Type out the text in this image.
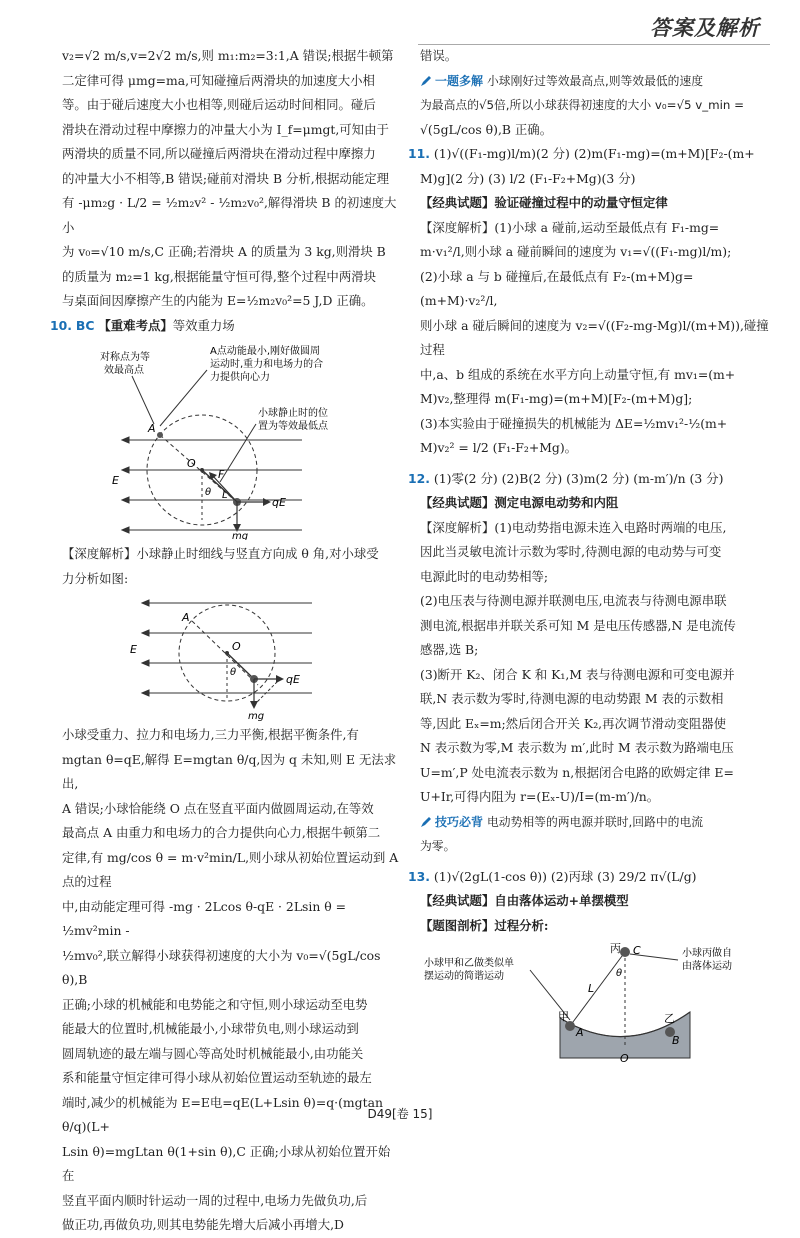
答案及解析

v₂=√2 m/s,v=2√2 m/s,则 m₁:m₂=3:1,A 错误;根据牛顿第

二定律可得 μmg=ma,可知碰撞后两滑块的加速度大小相

等。由于碰后速度大小也相等,则碰后运动时间相同。碰后

滑块在滑动过程中摩擦力的冲量大小为 I_f=μmgt,可知由于

两滑块的质量不同,所以碰撞后两滑块在滑动过程中摩擦力

的冲量大小不相等,B 错误;碰前对滑块 B 分析,根据动能定理

有 -μm₂g · L/2 = ½m₂v² - ½m₂v₀²,解得滑块 B 的初速度大小

为 v₀=√10 m/s,C 正确;若滑块 A 的质量为 3 kg,则滑块 B

的质量为 m₂=1 kg,根据能量守恒可得,整个过程中两滑块

与桌面间因摩擦产生的内能为 E=½m₂v₀²=5 J,D 正确。

10. BC 【重难考点】等效重力场

对称点为等
效最高点
A点动能最小,刚好做圆周
运动时,重力和电场力的合
力提供向心力
小球静止时的位
置为等效最低点
A
O
F
θ L
E
qE
mg

【深度解析】小球静止时细线与竖直方向成 θ 角,对小球受

力分析如图:

A
O
θ
E
qE
mg

小球受重力、拉力和电场力,三力平衡,根据平衡条件,有

mgtan θ=qE,解得 E=mgtan θ/q,因为 q 未知,则 E 无法求出,

A 错误;小球恰能绕 O 点在竖直平面内做圆周运动,在等效

最高点 A 由重力和电场力的合力提供向心力,根据牛顿第二

定律,有 mg/cos θ = m·v²min/L,则小球从初始位置运动到 A 点的过程

中,由动能定理可得 -mg · 2Lcos θ-qE · 2Lsin θ = ½mv²min -

½mv₀²,联立解得小球获得初速度的大小为 v₀=√(5gL/cos θ),B

正确;小球的机械能和电势能之和守恒,则小球运动至电势

能最大的位置时,机械能最小,小球带负电,则小球运动到

圆周轨迹的最左端与圆心等高处时机械能最小,由功能关

系和能量守恒定律可得小球从初始位置运动至轨迹的最左

端时,减少的机械能为 E=E电=qE(L+Lsin θ)=q·(mgtan θ/q)(L+

Lsin θ)=mgLtan θ(1+sin θ),C 正确;小球从初始位置开始在

竖直平面内顺时针运动一周的过程中,电场力先做负功,后

做正功,再做负功,则其电势能先增大后减小再增大,D

错误。

一题多解 小球刚好过等效最高点,则等效最低的速度

为最高点的√5倍,所以小球获得初速度的大小 v₀=√5 v_min =

√(5gL/cos θ),B 正确。

11. (1)√((F₁-mg)l/m)(2 分) (2)m(F₁-mg)=(m+M)[F₂-(m+

M)g](2 分) (3) l/2 (F₁-F₂+Mg)(3 分)

【经典试题】验证碰撞过程中的动量守恒定律

【深度解析】(1)小球 a 碰前,运动至最低点有 F₁-mg=

m·v₁²/l,则小球 a 碰前瞬间的速度为 v₁=√((F₁-mg)l/m);

(2)小球 a 与 b 碰撞后,在最低点有 F₂-(m+M)g=(m+M)·v₂²/l,

则小球 a 碰后瞬间的速度为 v₂=√((F₂-mg-Mg)l/(m+M)),碰撞过程

中,a、b 组成的系统在水平方向上动量守恒,有 mv₁=(m+

M)v₂,整理得 m(F₁-mg)=(m+M)[F₂-(m+M)g];

(3)本实验由于碰撞损失的机械能为 ΔE=½mv₁²-½(m+

M)v₂² = l/2 (F₁-F₂+Mg)。

12. (1)零(2 分) (2)B(2 分) (3)m(2 分) (m-m′)/n (3 分)

【经典试题】测定电源电动势和内阻

【深度解析】(1)电动势指电源未连入电路时两端的电压,

因此当灵敏电流计示数为零时,待测电源的电动势与可变

电源此时的电动势相等;

(2)电压表与待测电源并联测电压,电流表与待测电源串联

测电流,根据串并联关系可知 M 是电压传感器,N 是电流传

感器,选 B;

(3)断开 K₂、闭合 K 和 K₁,M 表与待测电源和可变电源并

联,N 表示数为零时,待测电源的电动势跟 M 表的示数相

等,因此 Eₓ=m;然后闭合开关 K₂,再次调节滑动变阻器使

N 表示数为零,M 表示数为 m′,此时 M 表示数为路端电压

U=m′,P 处电流表示数为 n,根据闭合电路的欧姆定律 E=

U+Ir,可得内阻为 r=(Eₓ-U)/I=(m-m′)/n。

技巧必背 电动势相等的两电源并联时,回路中的电流

为零。

13. (1)√(2gL(1-cos θ)) (2)丙球 (3) 29/2 π√(L/g)

【经典试题】自由落体运动+单摆模型

【题图剖析】过程分析:

小球甲和乙做类似单
摆运动的简谐运动
小球丙做自
由落体运动
丙 C
甲
A
乙
B
O
L
θ
D49[卷 15]
